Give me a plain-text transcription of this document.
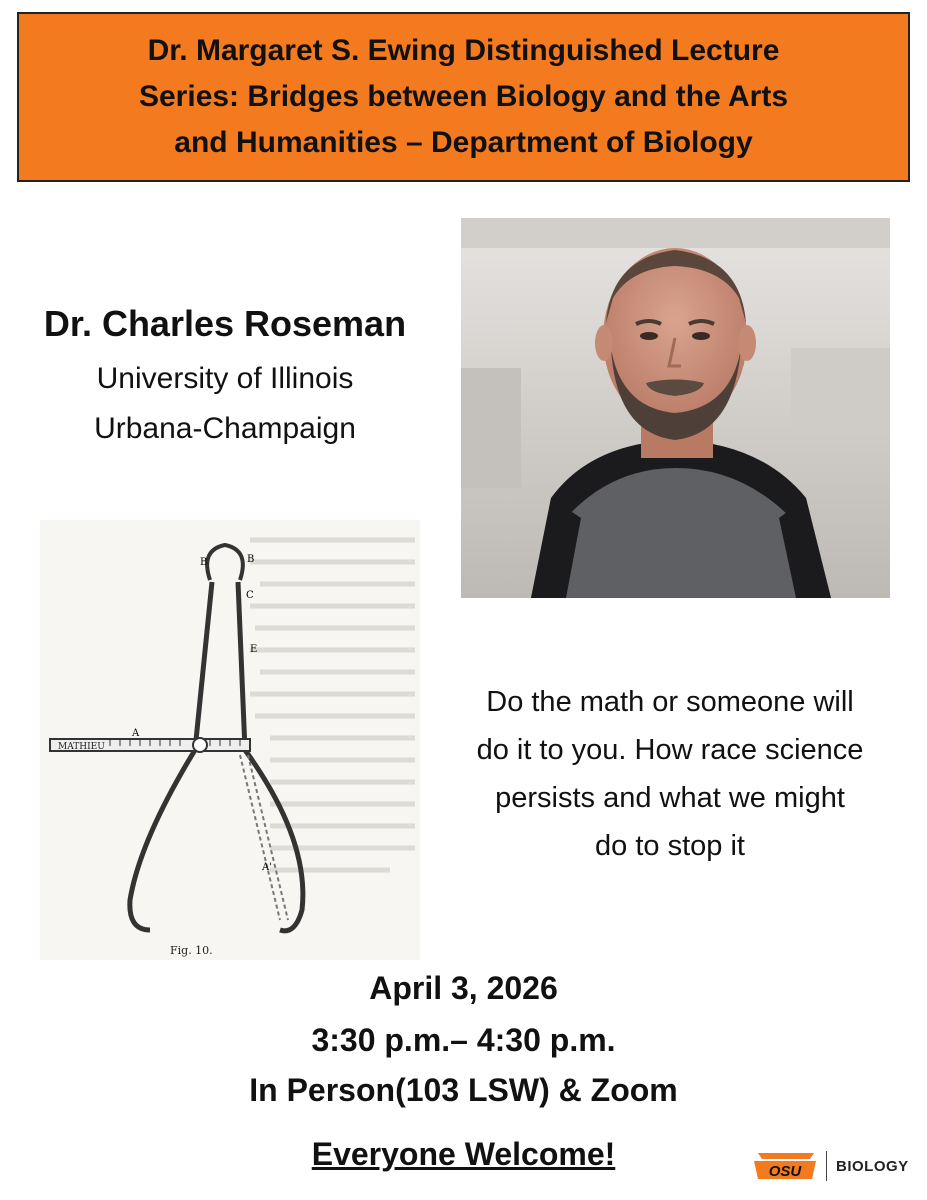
Dr. Margaret S. Ewing Distinguished Lecture
Series: Bridges between Biology and the Arts
and Humanities – Department of Biology
Dr. Charles Roseman
University of Illinois
Urbana-Champaign
MATHIEU
B	B
C
E
A
A'
Fig. 10.
Do the math or someone will
do it to you. How race science
persists and what we might
do to stop it
April 3, 2026
3:30 p.m.– 4:30 p.m.
In Person(103 LSW) & Zoom
Everyone Welcome!	OSU BIOLOGY
